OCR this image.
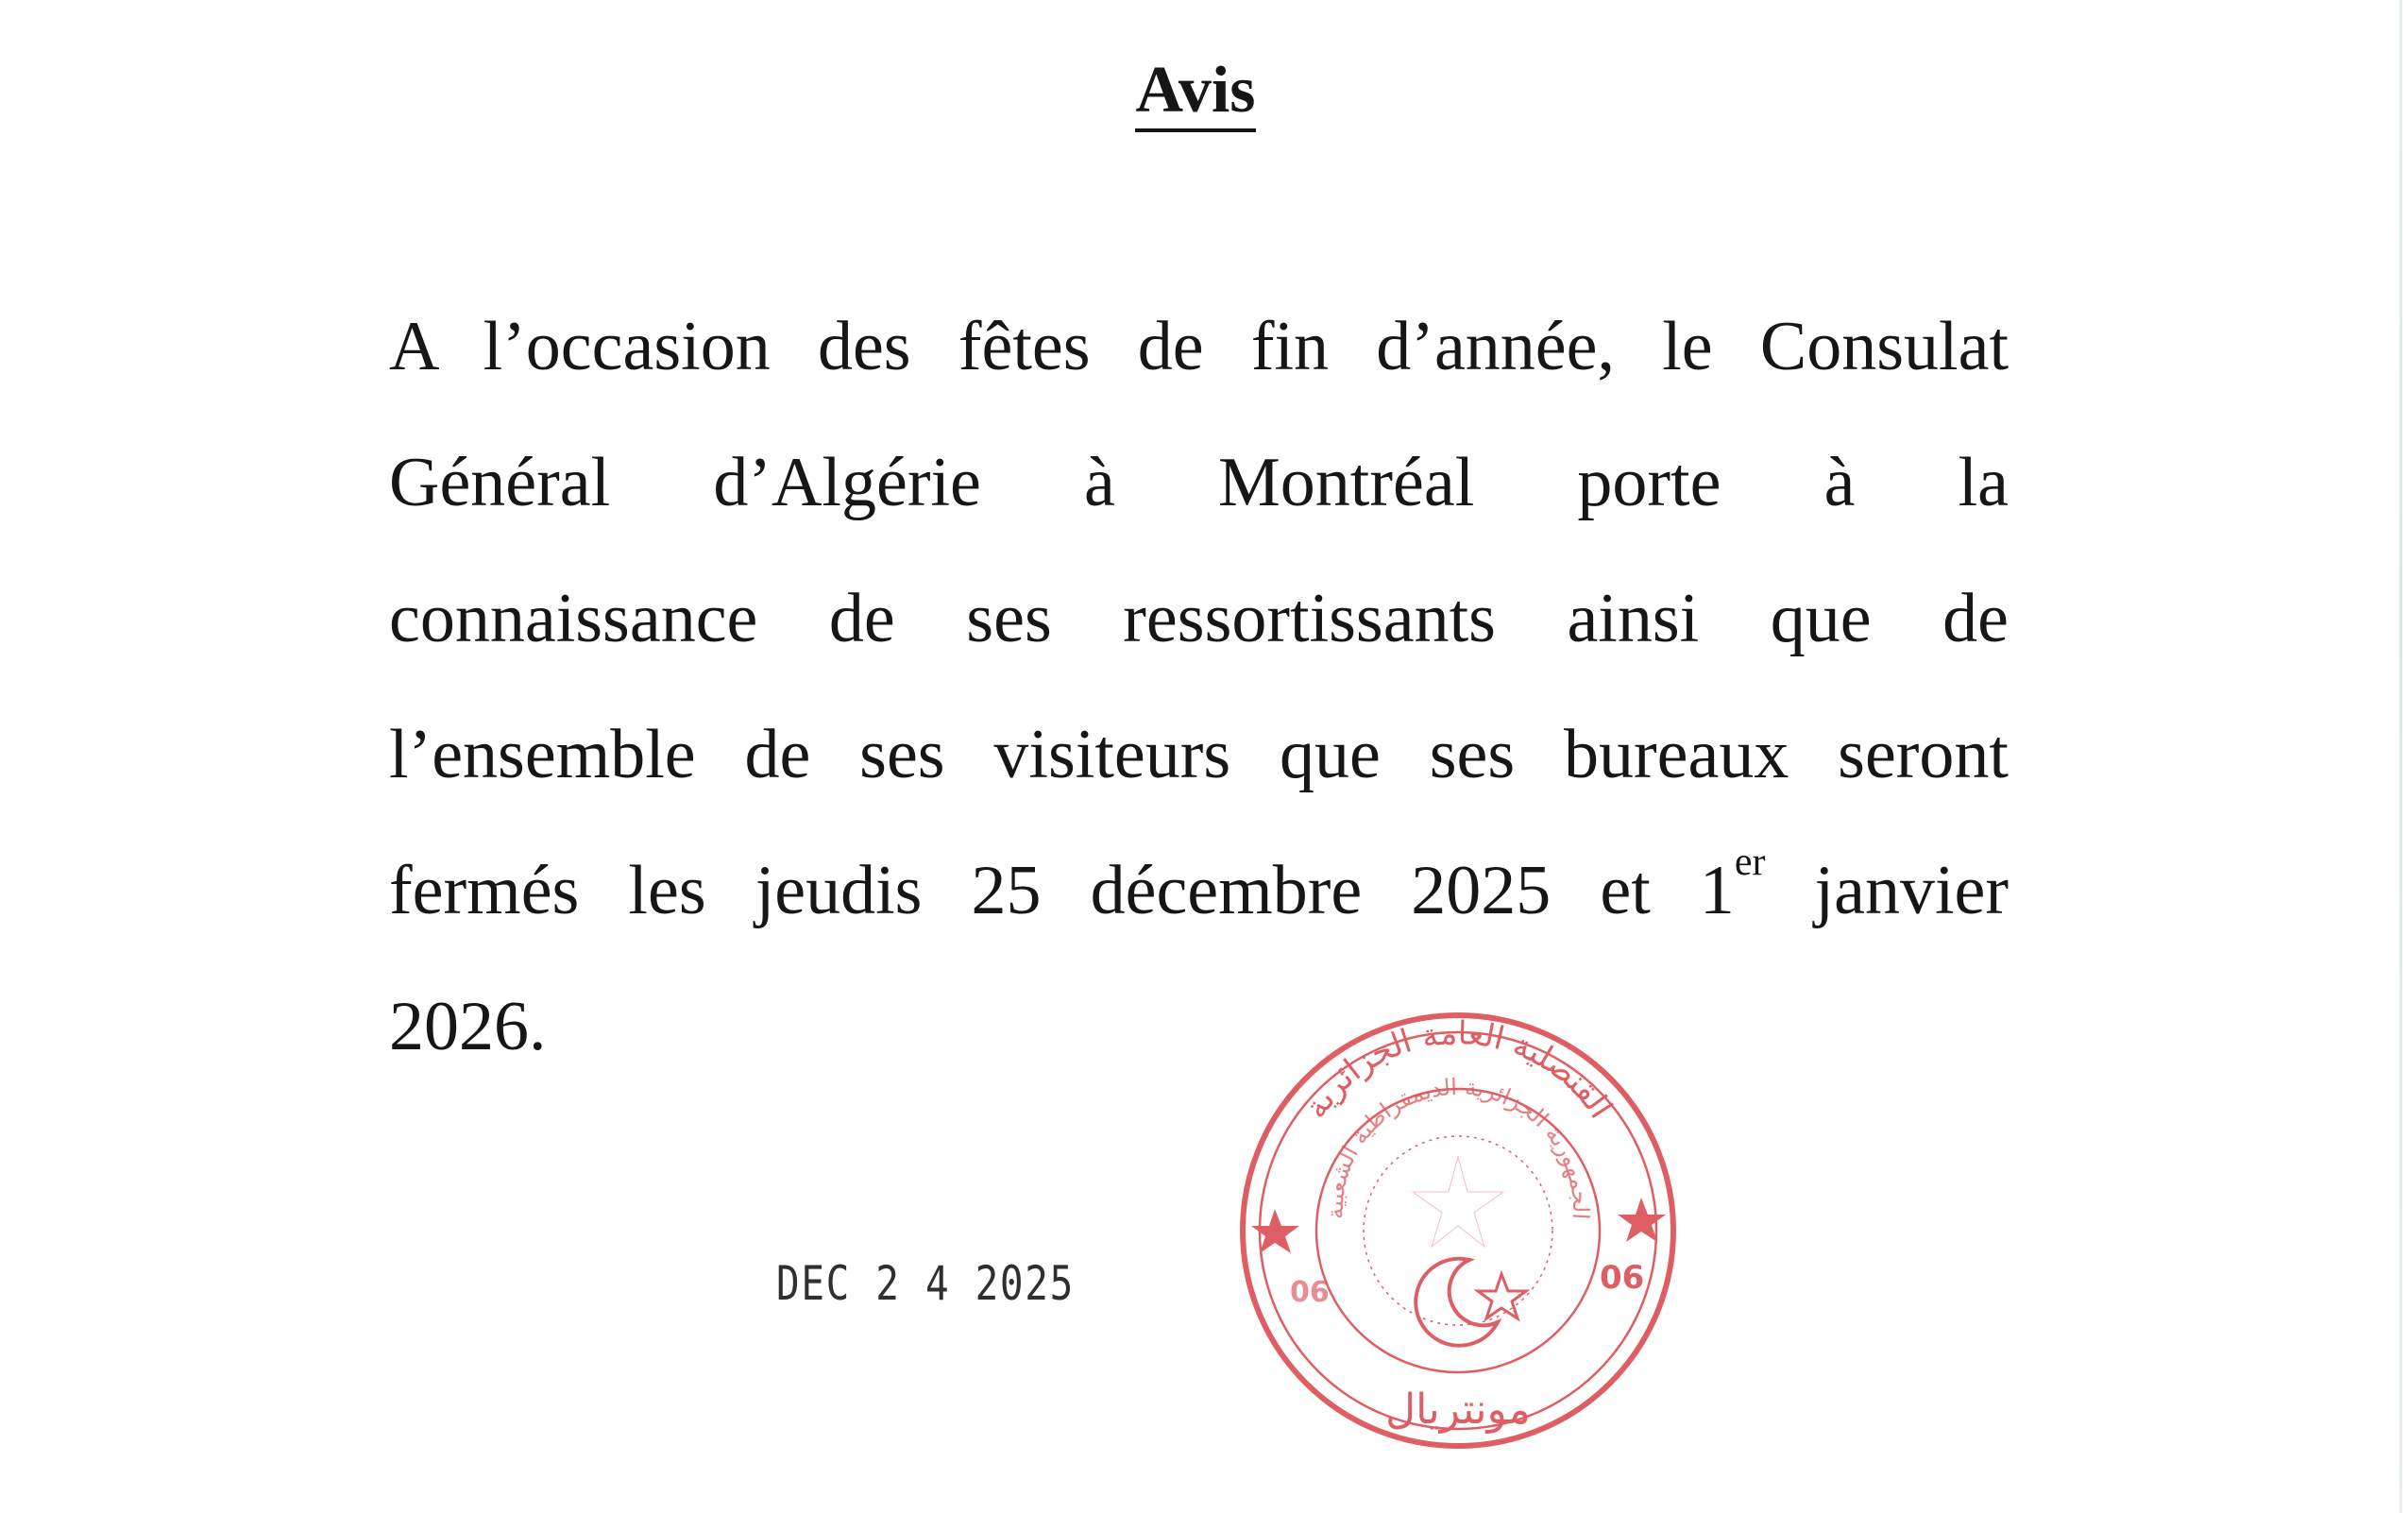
Avis
A l’occasion des fêtes de fin d’année, le Consulat
Général d’Algérie à Montréal porte à la
connaissance de ses ressortissants ainsi que de
l’ensemble de ses visiteurs que ses bureaux seront
fermés les jeudis 25 décembre 2025 et 1er janvier
2026.
DEC 2 4 2025
القنصلية العامة الجزائرية
الجمهورية الجزائرية الديمقراطية الشعبية
06	06
مونتريال
